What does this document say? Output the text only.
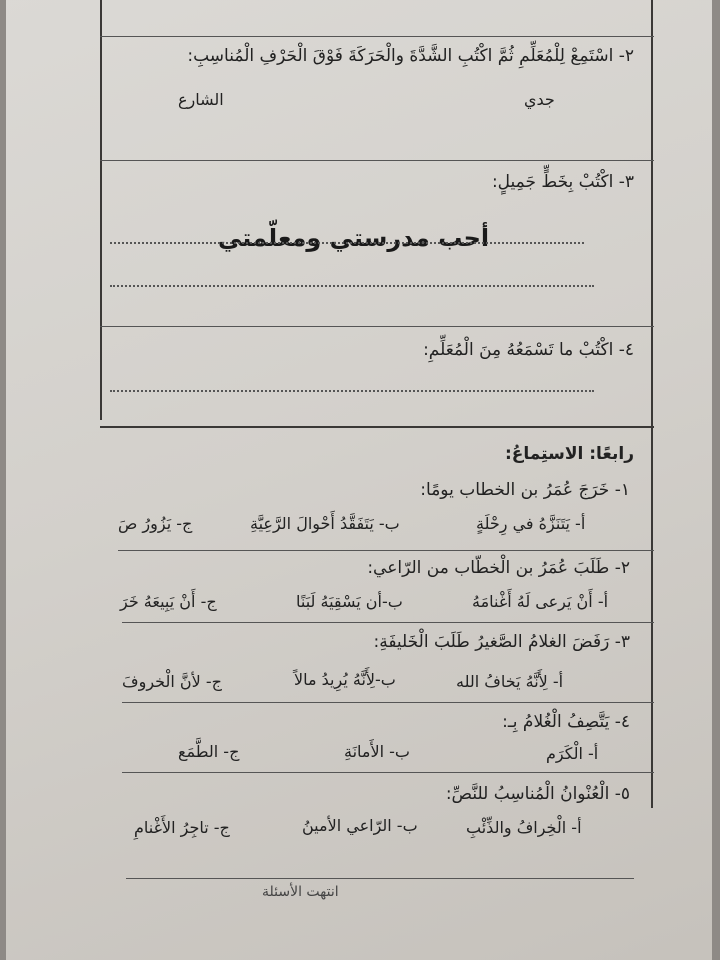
٢- اسْتَمِعْ لِلْمُعَلِّمِ ثُمَّ اكْتُبِ الشَّدَّةَ والْحَرَكَةَ فَوْقَ الْحَرْفِ الْمُناسِبِ:
جدي
الشارع
٣- اكْتُبْ بِخَطٍّ جَمِيلٍ:
أحب مدرستي ومعلّمتي
٤- اكْتُبْ ما تَسْمَعُهُ مِنَ الْمُعَلِّمِ:
رابعًا: الاستِماعُ:
١- خَرَجَ عُمَرُ بن الخطاب يومًا:
أ- يَتَنَزَّهُ في رِحْلَةٍ
ب- يَتَفَقَّدُ أَحْوالَ الرَّعِيَّةِ
ج- يَزُورُ صَ
٢- طَلَبَ عُمَرُ بن الْخطّاب من الرّاعي:
أ- أَنْ يَرعى لَهُ أَغْنامَهُ
ب-أن يَسْقِيَهُ لَبَنًا
ج- أَنْ يَبِيعَهُ خَرَ
٣- رَفَضَ الغلامُ الصَّغيرُ طَلَبَ الْخَليفَةِ:
أ- لِأَنَّهُ يَخافُ الله
ب-لِأَنَّهُ يُرِيدُ مالاً
ج- لأنَّ الْخروفَ
٤- يَتَّصِفُ الْغُلامُ بِـ:
أ- الْكَرَم
ب- الأَمانَةِ
ج- الطَّمَع
٥- الْعُنْوانُ الْمُناسِبُ للنَّصِّ:
أ- الْخِرافُ والذِّئْبِ
ب- الرّاعي الأمينُ
ج- تاجِرُ الأَغْنامِ
انتهت الأسئلة
